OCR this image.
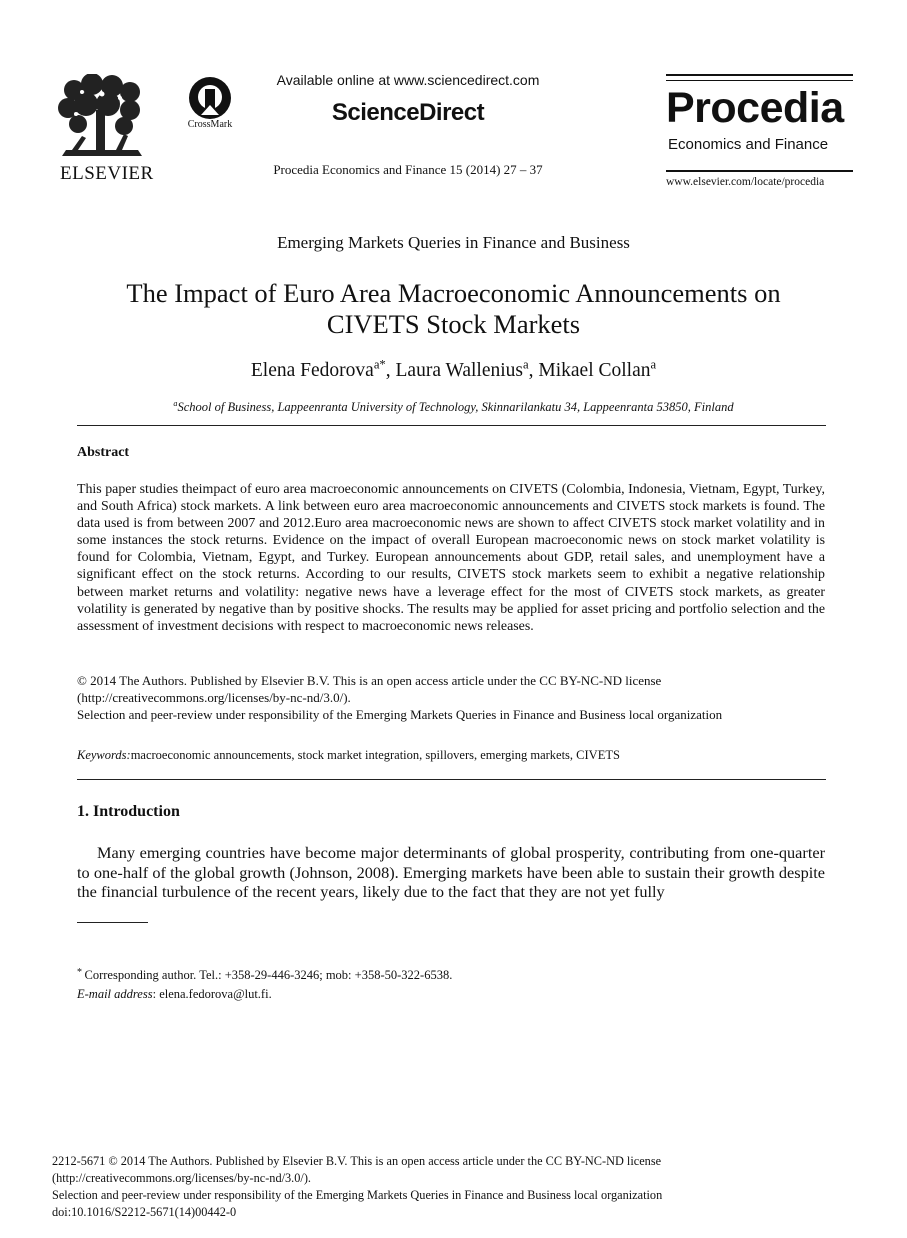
ELSEVIER
CrossMark
Available online at www.sciencedirect.com
ScienceDirect
Procedia Economics and Finance 15 (2014) 27 – 37
Procedia
Economics and Finance
www.elsevier.com/locate/procedia
Emerging Markets Queries in Finance and Business
The Impact of Euro Area Macroeconomic Announcements on
CIVETS Stock Markets
Elena Fedorova$^{a*}$, Laura Wallenius$^a$, Mikael Collan$^a$
$^a$School of Business, Lappeenranta University of Technology, Skinnarilankatu 34, Lappeenranta 53850, Finland
Abstract
This paper studies theimpact of euro area macroeconomic announcements on CIVETS (Colombia, Indonesia, Vietnam, Egypt, Turkey, and South Africa) stock markets. A link between euro area macroeconomic announcements and CIVETS stock markets is found. The data used is from between 2007 and 2012.Euro area macroeconomic news are shown to affect CIVETS stock market volatility and in some instances the stock returns. Evidence on the impact of overall European macroeconomic news on stock market volatility is found for Colombia, Vietnam, Egypt, and Turkey. European announcements about GDP, retail sales, and unemployment have a significant effect on the stock returns. According to our results, CIVETS stock markets seem to exhibit a negative relationship between market returns and volatility: negative news have a leverage effect for the most of CIVETS stock markets, as greater volatility is generated by negative than by positive shocks. The results may be applied for asset pricing and portfolio selection and the assessment of investment decisions with respect to macroeconomic news releases.
© 2014 The Authors. Published by Elsevier B.V. This is an open access article under the CC BY-NC-ND license
(http://creativecommons.org/licenses/by-nc-nd/3.0/).
Selection and peer-review under responsibility of the Emerging Markets Queries in Finance and Business local organization
Keywords:macroeconomic announcements, stock market integration, spillovers, emerging markets, CIVETS
1. Introduction
Many emerging countries have become major determinants of global prosperity, contributing from one-quarter to one-half of the global growth (Johnson, 2008). Emerging markets have been able to sustain their growth despite the financial turbulence of the recent years, likely due to the fact that they are not yet fully
* Corresponding author. Tel.: +358-29-446-3246; mob: +358-50-322-6538.
E-mail address: elena.fedorova@lut.fi.
2212-5671 © 2014 The Authors. Published by Elsevier B.V. This is an open access article under the CC BY-NC-ND license
(http://creativecommons.org/licenses/by-nc-nd/3.0/).
Selection and peer-review under responsibility of the Emerging Markets Queries in Finance and Business local organization
doi:10.1016/S2212-5671(14)00442-0
